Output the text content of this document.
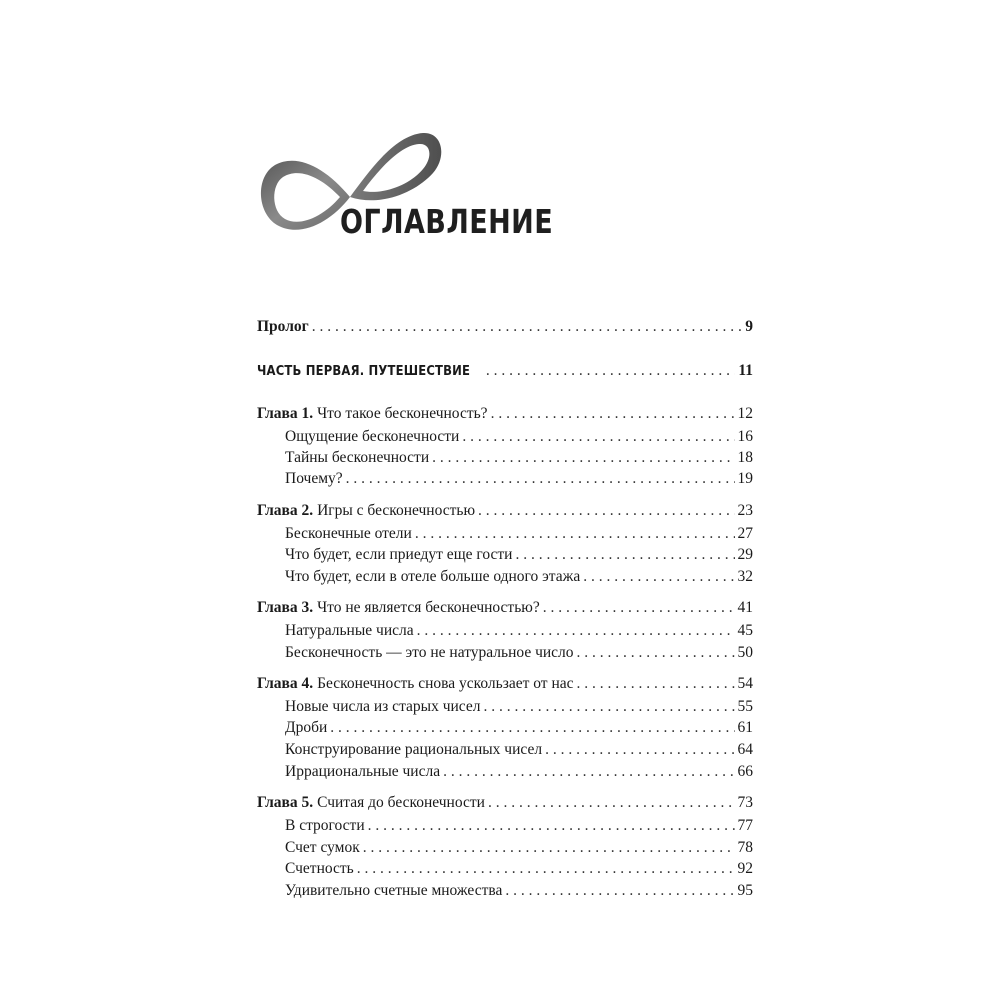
ОГЛАВЛЕНИЕ
Пролог . . .	9
ЧАСТЬ ПЕРВАЯ. ПУТЕШЕСТВИЕ . . .	11
Глава 1. Что такое бесконечность? . . .	12
Ощущение бесконечности . . .	16
Тайны бесконечности . . .	18
Почему? . . .	19
Глава 2. Игры с бесконечностью . . .	23
Бесконечные отели . . .	27
Что будет, если приедут еще гости . . .	29
Что будет, если в отеле больше одного этажа . . .	32
Глава 3. Что не является бесконечностью? . . .	41
Натуральные числа . . .	45
Бесконечность — это не натуральное число . . .	50
Глава 4. Бесконечность снова ускользает от нас . . .	54
Новые числа из старых чисел . . .	55
Дроби . . .	61
Конструирование рациональных чисел . . .	64
Иррациональные числа . . .	66
Глава 5. Считая до бесконечности . . .	73
В строгости . . .	77
Счет сумок . . .	78
Счетность . . .	92
Удивительно счетные множества . . .	95
